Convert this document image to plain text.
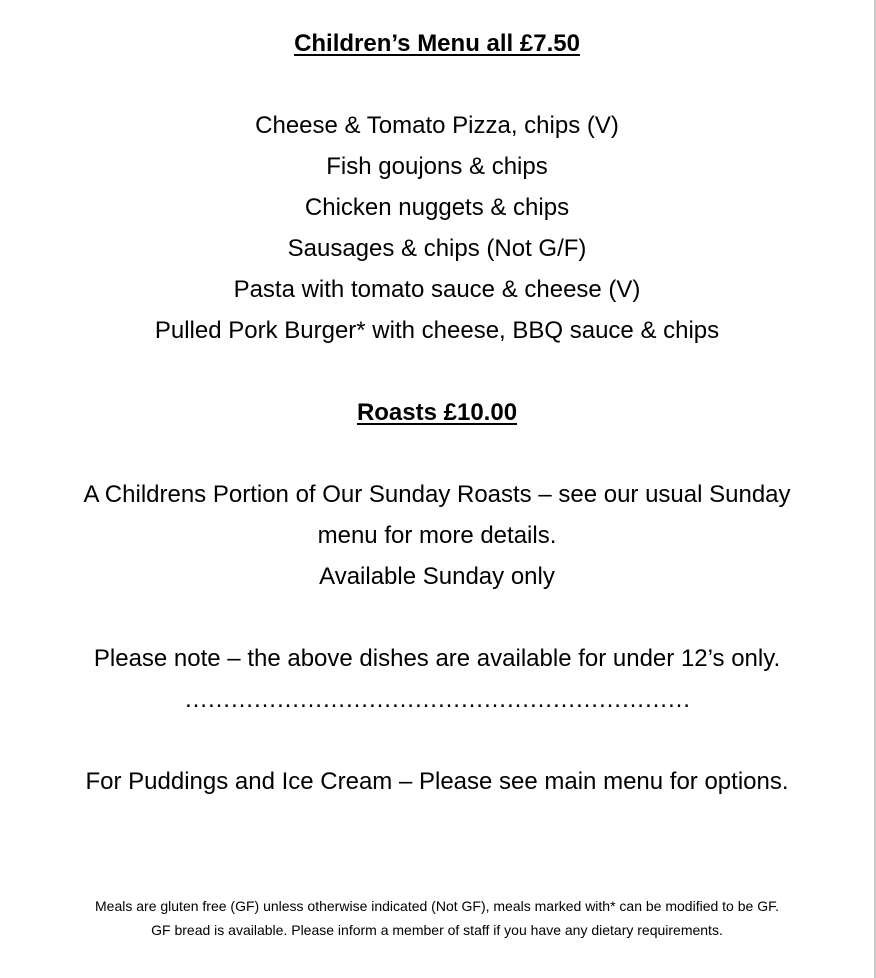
Children’s Menu all £7.50
Cheese & Tomato Pizza, chips (V)
Fish goujons & chips
Chicken nuggets & chips
Sausages & chips (Not G/F)
Pasta with tomato sauce & cheese (V)
Pulled Pork Burger* with cheese, BBQ sauce & chips
Roasts £10.00
A Childrens Portion of Our Sunday Roasts – see our usual Sunday
menu for more details.
Available Sunday only
Please note – the above dishes are available for under 12’s only.
…………………………………………………………
For Puddings and Ice Cream – Please see main menu for options.
Meals are gluten free (GF) unless otherwise indicated (Not GF), meals marked with* can be modified to be GF.
GF bread is available. Please inform a member of staff if you have any dietary requirements.
